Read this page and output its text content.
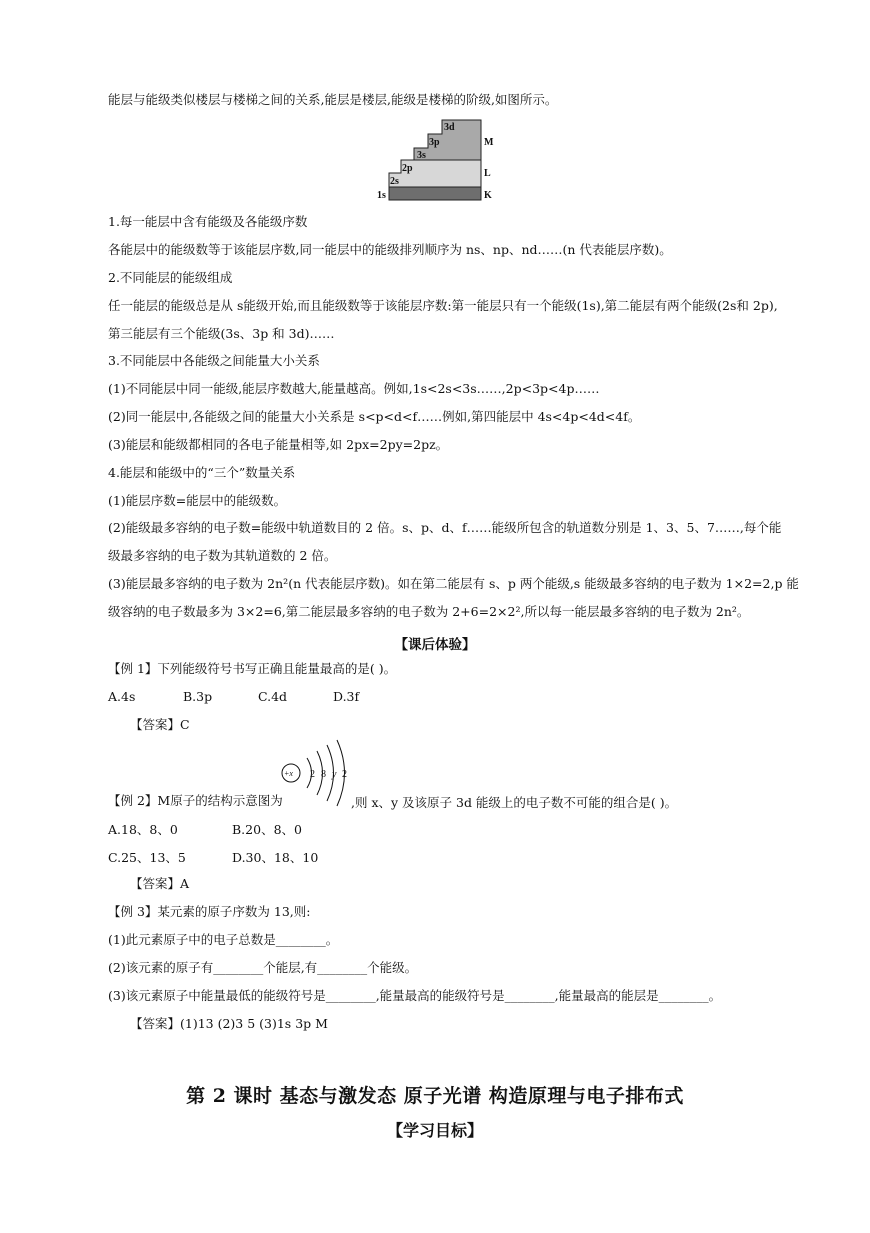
能层与能级类似楼层与楼梯之间的关系,能层是楼层,能级是楼梯的阶级,如图所示。
1s
2s
2p
3s
3p
3d
M
L
K
1.每一能层中含有能级及各能级序数
各能层中的能级数等于该能层序数,同一能层中的能级排列顺序为 ns、np、nd……(n 代表能层序数)。
2.不同能层的能级组成
任一能层的能级总是从 s能级开始,而且能级数等于该能层序数:第一能层只有一个能级(1s),第二能层有两个能级(2s和 2p),
第三能层有三个能级(3s、3p 和 3d)……
3.不同能层中各能级之间能量大小关系
(1)不同能层中同一能级,能层序数越大,能量越高。例如,1s<2s<3s……,2p<3p<4p……
(2)同一能层中,各能级之间的能量大小关系是 s<p<d<f……例如,第四能层中 4s<4p<4d<4f。
(3)能层和能级都相同的各电子能量相等,如 2px=2py=2pz。
4.能层和能级中的“三个”数量关系
(1)能层序数=能层中的能级数。
(2)能级最多容纳的电子数=能级中轨道数目的 2 倍。s、p、d、f……能级所包含的轨道数分别是 1、3、5、7……,每个能
级最多容纳的电子数为其轨道数的 2 倍。
(3)能层最多容纳的电子数为 2n²(n 代表能层序数)。如在第二能层有 s、p 两个能级,s 能级最多容纳的电子数为 1×2=2,p 能
级容纳的电子数最多为 3×2=6,第二能层最多容纳的电子数为 2+6=2×2²,所以每一能层最多容纳的电子数为 2n²。
【课后体验】
【例 1】下列能级符号书写正确且能量最高的是( )。
A.4s	B.3p	C.4d	D.3f
【答案】C
+x 2 8 y 2
【例 2】M原子的结构示意图为	,则 x、y 及该原子 3d 能级上的电子数不可能的组合是( )。
A.18、8、0	B.20、8、0
C.25、13、5	D.30、18、10
【答案】A
【例 3】某元素的原子序数为 13,则:
(1)此元素原子中的电子总数是________。
(2)该元素的原子有________个能层,有________个能级。
(3)该元素原子中能量最低的能级符号是________,能量最高的能级符号是________,能量最高的能层是________。
【答案】(1)13 (2)3 5 (3)1s 3p M
第 2 课时 基态与激发态 原子光谱 构造原理与电子排布式
【学习目标】
